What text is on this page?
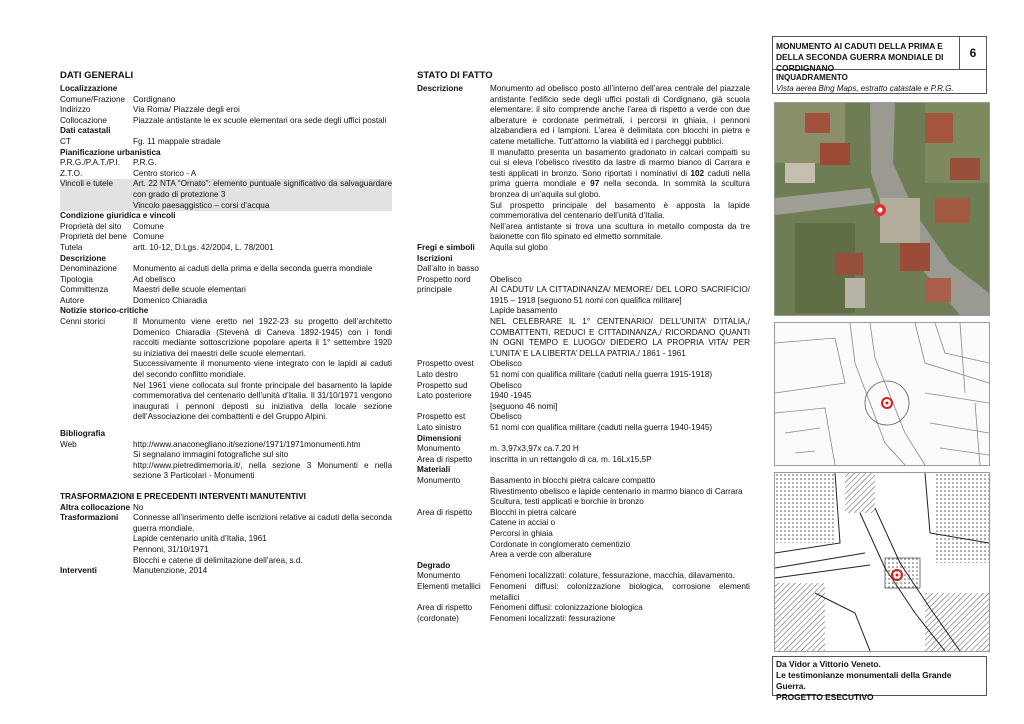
DATI GENERALI
Localizzazione
Comune/Frazione Cordignano
Indirizzo	Via Roma/ Piazzale degli eroi
Collocazione	Piazzale antistante le ex scuole elementari ora sede degli uffici postali
Dati catastali
CT	Fg. 11 mappale stradale
Pianificazione urbanistica
P.R.G./P.A.T./P.I.	P.R.G.
Z.T.O.	Centro storico - A
Vincoli e tutele	Art. 22 NTA “Ornato”: elemento puntuale significativo da salvaguardare con grado di protezione 3
Vincolo paesaggistico – corsi d’acqua
Condizione giuridica e vincoli
Proprietà del sito	Comune
Proprietà del bene Comune
Tutela	artt. 10-12, D.Lgs. 42/2004, L. 78/2001
Descrizione
Denominazione	Monumento ai caduti della prima e della seconda guerra mondiale
Tipologia	Ad obelisco
Committenza	Maestri delle scuole elementari
Autore	Domenico Chiaradia
Notizie storico-critiche
Cenni storici	Il Monumento viene eretto nel 1922-23 su progetto dell’architetto Domenico Chiaradia (Stevenà di Caneva 1892-1945) con i fondi raccolti mediante sottoscrizione popolare aperta il 1° settembre 1920 su iniziativa dei maestri delle scuole elementari.
Successivamente il monumento viene integrato con le lapidi ai caduti del secondo conflitto mondiale.
Nel 1961 viene collocata sul fronte principale del basamento la lapide commemorativa del centenario dell’unità d’Italia. Il 31/10/1971 vengono inaugurati i pennoni deposti su iniziativa della locale sezione dell’Associazione dei combattenti e del Gruppo Alpini.
Bibliografia
Web	http://www.anaconegliano.it/sezione/1971/1971monumenti.htm
Si segnalano immagini fotografiche sul sito
http://www.pietredimemoria.it/, nella sezione 3 Monumenti e nella sezione 3 Particolari - Monumenti
TRASFORMAZIONI E PRECEDENTI INTERVENTI MANUTENTIVI
Altra collocazione No
Trasformazioni	Connesse all’inserimento delle iscrizioni relative ai caduti della seconda guerra mondiale.
Lapide centenario unità d’Italia, 1961
Pennoni, 31/10/1971
Blocchi e catene di delimitazione dell’area, s.d.
Interventi	Manutenzione, 2014
STATO DI FATTO
Descrizione	Monumento ad obelisco posto all’interno dell’area centrale del piazzale antistante l’edificio sede degli uffici postali di Cordignano, già scuola elementare: il sito comprende anche l’area di rispetto a verde con due alberature e cordonate perimetrali, i percorsi in ghiaia, i pennoni alzabandiera ed i lampioni. L’area è delimitata con blocchi in pietra e catene metalliche. Tutt’attorno la viabilità ed i parcheggi pubblici.
Il manufatto presenta un basamento gradonato in calcari compatti su cui si eleva l’obelisco rivestito da lastre di marmo bianco di Carrara e testi applicati in bronzo. Sono riportati i nominativi di 102 caduti nella prima guerra mondiale e 97 nella seconda. In sommità la scultura bronzea di un’aquila sul globo.
Sul prospetto principale del basamento è apposta la lapide commemorativa del centenario dell’unità d’Italia.
Nell’area antistante si trova una scultura in metallo composta da tre baionette con filo spinato ed elmetto sommitale.
Fregi e simboli	Aquila sul globo
Iscrizioni
Dall’alto in basso
Prospetto nord	Obelisco
principale	AI CADUTI/ LA CITTADINANZA/ MEMORE/ DEL LORO SACRIFICIO/ 1915 – 1918 [seguono 51 nomi con qualifica militare]
Lapide basamento
NEL CELEBRARE IL 1° CENTENARIO/ DELL’UNITA’ D’ITALIA,/ COMBATTENTI, REDUCI E CITTADINANZA,/ RICORDANO QUANTI IN OGNI TEMPO E LUOGO/ DIEDERO LA PROPRIA VITA/ PER L’UNITA’ E LA LIBERTA’ DELLA PATRIA./ 1861 - 1961
Prospetto ovest	Obelisco
Lato destro	51 nomi con qualifica militare (caduti nella guerra 1915-1918)
Prospetto sud	Obelisco
Lato posteriore	1940 -1945
[seguono 46 nomi]
Prospetto est	Obelisco
Lato sinistro	51 nomi con qualifica militare (caduti nella guerra 1940-1945)
Dimensioni
Monumento	m. 3,97x3,97x ca.7.20 H
Area di rispetto	inscritta in un rettangolo di ca. m. 16Lx15,5P
Materiali
Monumento	Basamento in blocchi pietra calcare compatto
Rivestimento obelisco e lapide centenario in marmo bianco di Carrara
Scultura, testi applicati e borchie in bronzo
Area di rispetto	Blocchi in pietra calcare
Catene in acciai o
Percorsi in ghiaia
Cordonate in conglomerato cementizio
Area a verde con alberature
Degrado
Monumento	Fenomeni localizzati: colature, fessurazione, macchia, dilavamento.
Elementi metallici	Fenomeni diffusi: colonizzazione biologica, corrosione elementi metallici
Area di rispetto	Fenomeni diffusi: colonizzazione biologica
(cordonate)	Fenomeni localizzati: fessurazione
MONUMENTO AI CADUTI DELLA PRIMA E DELLA SECONDA GUERRA MONDIALE DI CORDIGNANO
6
INQUADRAMENTO
Vista aerea Bing Maps, estratto catastale e P.R.G.
Da Vidor a Vittorio Veneto.
Le testimonianze monumentali della Grande Guerra.
PROGETTO ESECUTIVO
